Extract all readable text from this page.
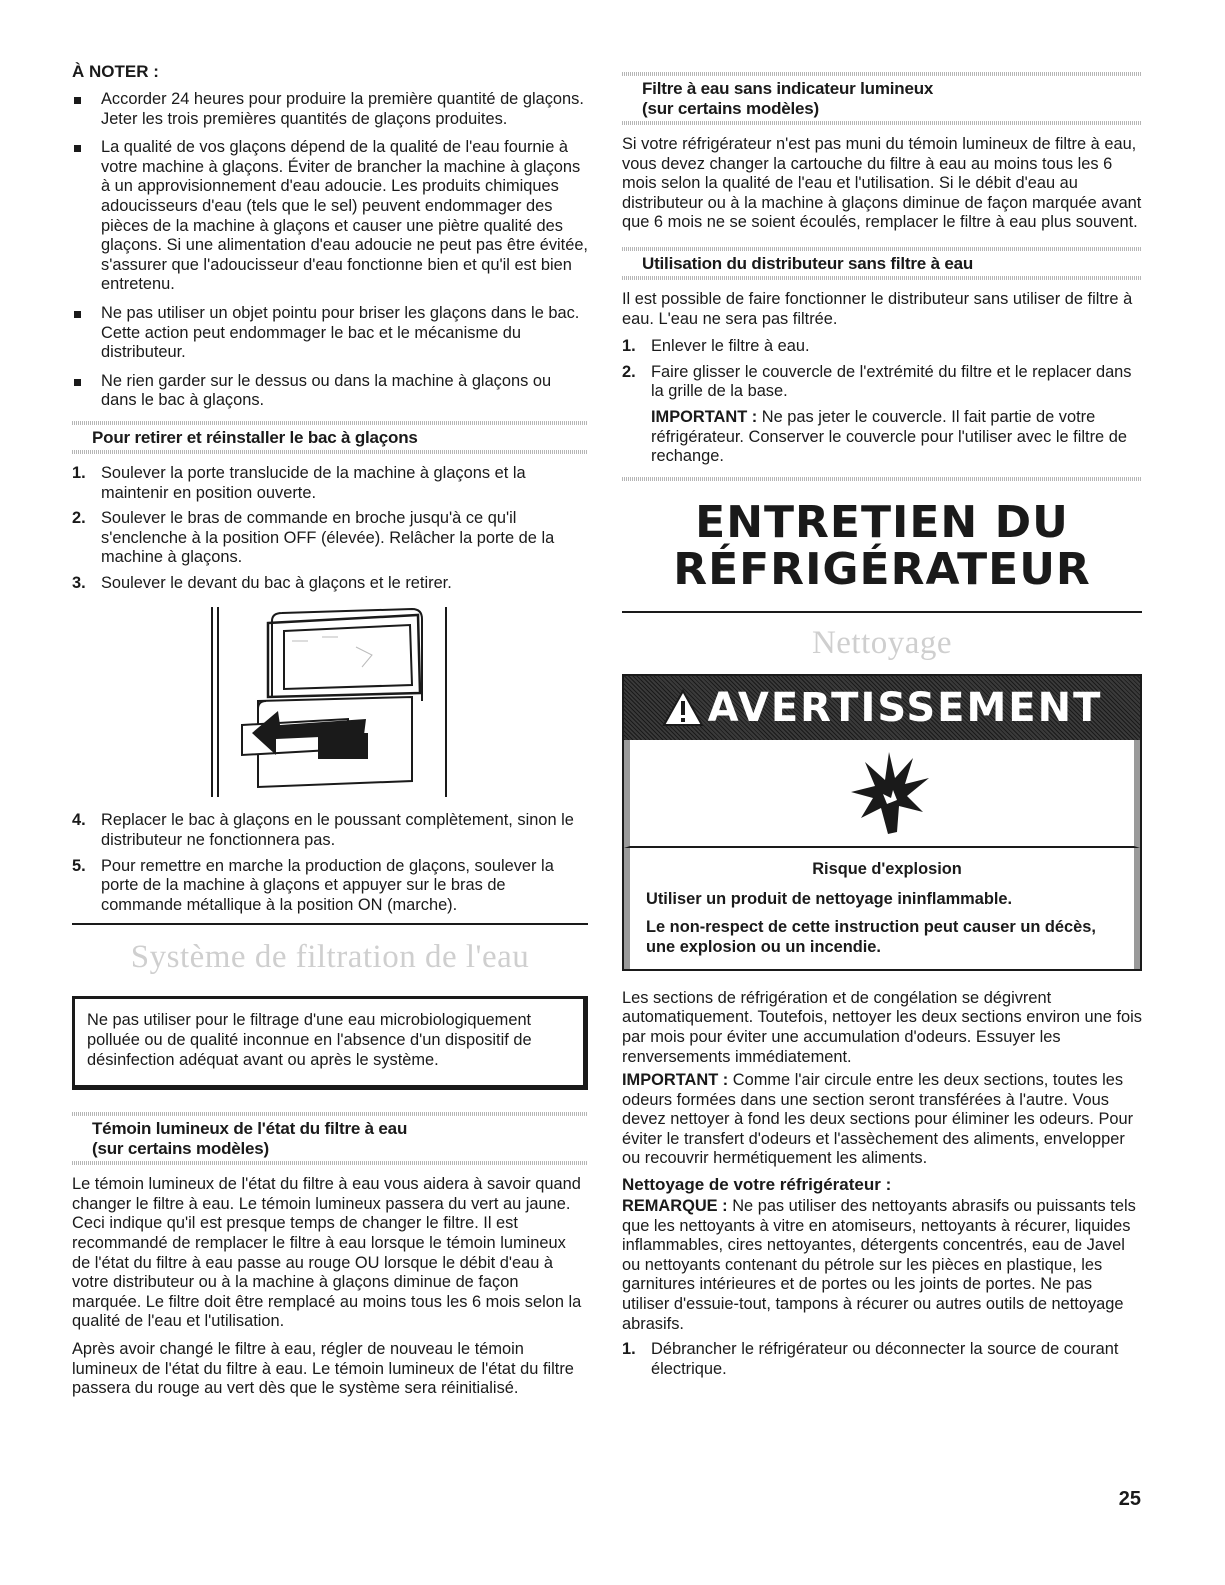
À NOTER :
Accorder 24 heures pour produire la première quantité de glaçons. Jeter les trois premières quantités de glaçons produites.
La qualité de vos glaçons dépend de la qualité de l'eau fournie à votre machine à glaçons. Éviter de brancher la machine à glaçons à un approvisionnement d'eau adoucie. Les produits chimiques adoucisseurs d'eau (tels que le sel) peuvent endommager des pièces de la machine à glaçons et causer une piètre qualité des glaçons. Si une alimentation d'eau adoucie ne peut pas être évitée, s'assurer que l'adoucisseur d'eau fonctionne bien et qu'il est bien entretenu.
Ne pas utiliser un objet pointu pour briser les glaçons dans le bac. Cette action peut endommager le bac et le mécanisme du distributeur.
Ne rien garder sur le dessus ou dans la machine à glaçons ou dans le bac à glaçons.
Pour retirer et réinstaller le bac à glaçons
1. Soulever la porte translucide de la machine à glaçons et la maintenir en position ouverte.
2. Soulever le bras de commande en broche jusqu'à ce qu'il s'enclenche à la position OFF (élevée). Relâcher la porte de la machine à glaçons.
3. Soulever le devant du bac à glaçons et le retirer.
4. Replacer le bac à glaçons en le poussant complètement, sinon le distributeur ne fonctionnera pas.
5. Pour remettre en marche la production de glaçons, soulever la porte de la machine à glaçons et appuyer sur le bras de commande métallique à la position ON (marche).
Système de filtration de l'eau

Ne pas utiliser pour le filtrage d'une eau microbiologiquement polluée ou de qualité inconnue en l'absence d'un dispositif de désinfection adéquat avant ou après le système.

Témoin lumineux de l'état du filtre à eau
(sur certains modèles)

Le témoin lumineux de l'état du filtre à eau vous aidera à savoir quand changer le filtre à eau. Le témoin lumineux passera du vert au jaune. Ceci indique qu'il est presque temps de changer le filtre. Il est recommandé de remplacer le filtre à eau lorsque le témoin lumineux de l'état du filtre à eau passe au rouge OU lorsque le débit d'eau à votre distributeur ou à la machine à glaçons diminue de façon marquée. Le filtre doit être remplacé au moins tous les 6 mois selon la qualité de l'eau et l'utilisation.

Après avoir changé le filtre à eau, régler de nouveau le témoin lumineux de l'état du filtre à eau. Le témoin lumineux de l'état du filtre passera du rouge au vert dès que le système sera réinitialisé.

Filtre à eau sans indicateur lumineux
(sur certains modèles)

Si votre réfrigérateur n'est pas muni du témoin lumineux de filtre à eau, vous devez changer la cartouche du filtre à eau au moins tous les 6 mois selon la qualité de l'eau et l'utilisation. Si le débit d'eau au distributeur ou à la machine à glaçons diminue de façon marquée avant que 6 mois ne se soient écoulés, remplacer le filtre à eau plus souvent.

Utilisation du distributeur sans filtre à eau

Il est possible de faire fonctionner le distributeur sans utiliser de filtre à eau. L'eau ne sera pas filtrée.

1. Enlever le filtre à eau.
2. Faire glisser le couvercle de l'extrémité du filtre et le replacer dans la grille de la base.

IMPORTANT : Ne pas jeter le couvercle. Il fait partie de votre réfrigérateur. Conserver le couvercle pour l'utiliser avec le filtre de rechange.

ENTRETIEN DU
RÉFRIGÉRATEUR
Nettoyage
AVERTISSEMENT
Risque d'explosion

Utiliser un produit de nettoyage ininflammable.

Le non-respect de cette instruction peut causer un décès, une explosion ou un incendie.

Les sections de réfrigération et de congélation se dégivrent automatiquement. Toutefois, nettoyer les deux sections environ une fois par mois pour éviter une accumulation d'odeurs. Essuyer les renversements immédiatement.

IMPORTANT : Comme l'air circule entre les deux sections, toutes les odeurs formées dans une section seront transférées à l'autre. Vous devez nettoyer à fond les deux sections pour éliminer les odeurs. Pour éviter le transfert d'odeurs et l'assèchement des aliments, envelopper ou recouvrir hermétiquement les aliments.

Nettoyage de votre réfrigérateur :

REMARQUE : Ne pas utiliser des nettoyants abrasifs ou puissants tels que les nettoyants à vitre en atomiseurs, nettoyants à récurer, liquides inflammables, cires nettoyantes, détergents concentrés, eau de Javel ou nettoyants contenant du pétrole sur les pièces en plastique, les garnitures intérieures et de portes ou les joints de portes. Ne pas utiliser d'essuie-tout, tampons à récurer ou autres outils de nettoyage abrasifs.

1. Débrancher le réfrigérateur ou déconnecter la source de courant électrique.
25
